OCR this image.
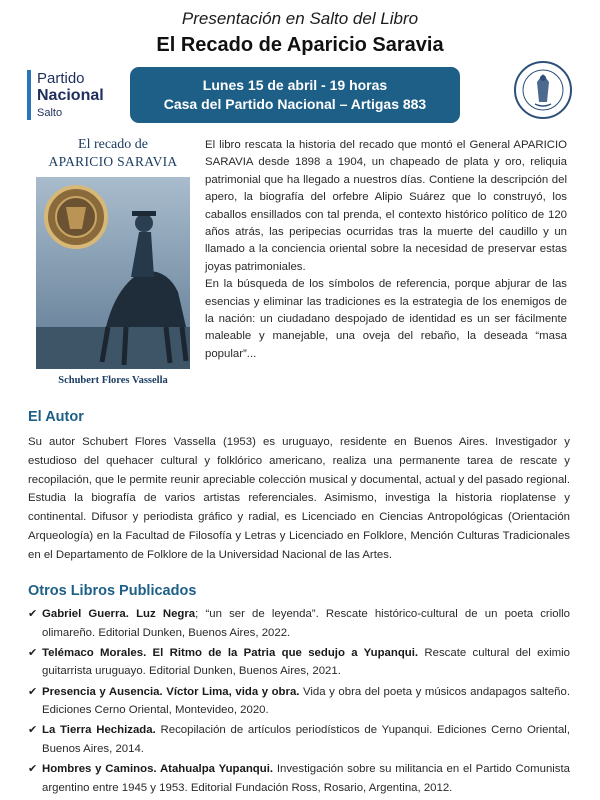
Presentación en Salto del Libro
El Recado de Aparicio Saravia
Partido
Nacional
Salto
Lunes 15 de abril - 19 horas
Casa del Partido Nacional – Artigas 883
El recado de
APARICIO SARAVIA
Schubert Flores Vassella

El libro rescata la historia del recado que montó el General APARICIO SARAVIA desde 1898 a 1904, un chapeado de plata y oro, reliquia patrimonial que ha llegado a nuestros días. Contiene la descripción del apero, la biografía del orfebre Alipio Suárez que lo construyó, los caballos ensillados con tal prenda, el contexto histórico político de 120 años atrás, las peripecias ocurridas tras la muerte del caudillo y un llamado a la conciencia oriental sobre la necesidad de preservar estas joyas patrimoniales.

En la búsqueda de los símbolos de referencia, porque abjurar de las esencias y eliminar las tradiciones es la estrategia de los enemigos de la nación: un ciudadano despojado de identidad es un ser fácilmente maleable y manejable, una oveja del rebaño, la deseada “masa popular”...

El Autor
Su autor Schubert Flores Vassella (1953) es uruguayo, residente en Buenos Aires. Investigador y estudioso del quehacer cultural y folklórico americano, realiza una permanente tarea de rescate y recopilación, que le permite reunir apreciable colección musical y documental, actual y del pasado regional. Estudia la biografía de varios artistas referenciales. Asimismo, investiga la historia rioplatense y continental. Difusor y periodista gráfico y radial, es Licenciado en Ciencias Antropológicas (Orientación Arqueología) en la Facultad de Filosofía y Letras y Licenciado en Folklore, Mención Culturas Tradicionales en el Departamento de Folklore de la Universidad Nacional de las Artes.
Otros Libros Publicados
✔ Gabriel Guerra. Luz Negra; “un ser de leyenda”. Rescate histórico-cultural de un poeta criollo olimareño. Editorial Dunken, Buenos Aires, 2022.
✔ Telémaco Morales. El Ritmo de la Patria que sedujo a Yupanqui. Rescate cultural del eximio guitarrista uruguayo. Editorial Dunken, Buenos Aires, 2021.
✔ Presencia y Ausencia. Víctor Lima, vida y obra. Vida y obra del poeta y músicos andapagos salteño. Ediciones Cerno Oriental, Montevideo, 2020.
✔ La Tierra Hechizada. Recopilación de artículos periodísticos de Yupanqui. Ediciones Cerno Oriental, Buenos Aires, 2014.
✔ Hombres y Caminos. Atahualpa Yupanqui. Investigación sobre su militancia en el Partido Comunista argentino entre 1945 y 1953. Editorial Fundación Ross, Rosario, Argentina, 2012.
